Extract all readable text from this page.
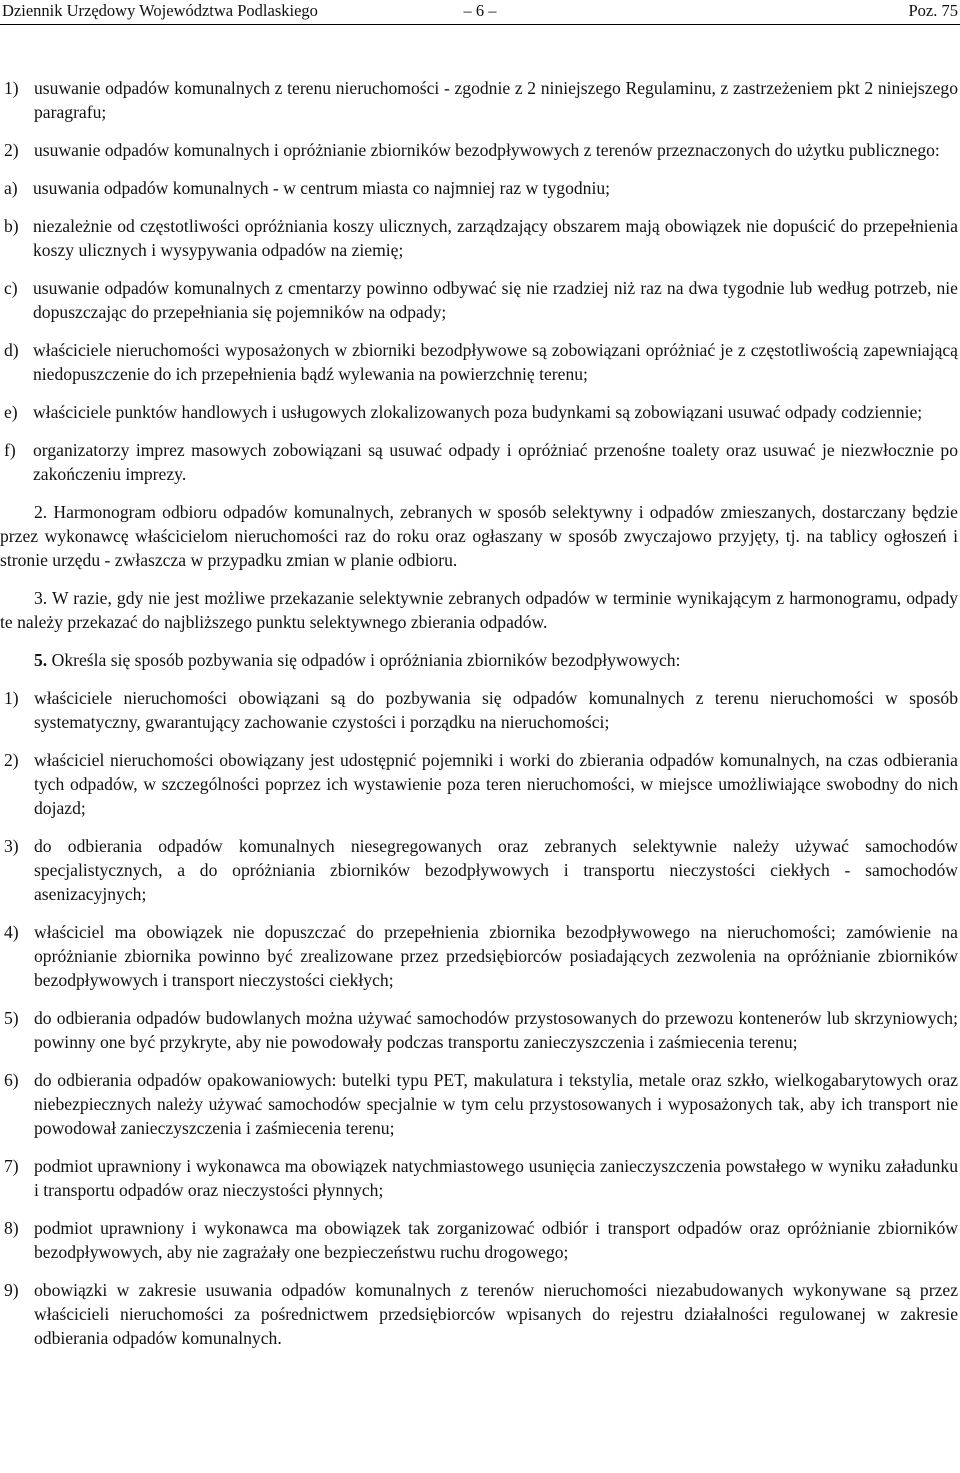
Dziennik Urzędowy Województwa Podlaskiego	– 6 –	Poz. 75
1) usuwanie odpadów komunalnych z terenu nieruchomości - zgodnie z 2 niniejszego Regulaminu, z zastrzeżeniem pkt 2 niniejszego paragrafu;
2) usuwanie odpadów komunalnych i opróżnianie zbiorników bezodpływowych z terenów przeznaczonych do użytku publicznego:
a) usuwania odpadów komunalnych - w centrum miasta co najmniej raz w tygodniu;
b) niezależnie od częstotliwości opróżniania koszy ulicznych, zarządzający obszarem mają obowiązek nie dopuścić do przepełnienia koszy ulicznych i wysypywania odpadów na ziemię;
c) usuwanie odpadów komunalnych z cmentarzy powinno odbywać się nie rzadziej niż raz na dwa tygodnie lub według potrzeb, nie dopuszczając do przepełniania się pojemników na odpady;
d) właściciele nieruchomości wyposażonych w zbiorniki bezodpływowe są zobowiązani opróżniać je z częstotliwością zapewniającą niedopuszczenie do ich przepełnienia bądź wylewania na powierzchnię terenu;
e) właściciele punktów handlowych i usługowych zlokalizowanych poza budynkami są zobowiązani usuwać odpady codziennie;
f) organizatorzy imprez masowych zobowiązani są usuwać odpady i opróżniać przenośne toalety oraz usuwać je niezwłocznie po zakończeniu imprezy.
2. Harmonogram odbioru odpadów komunalnych, zebranych w sposób selektywny i odpadów zmieszanych, dostarczany będzie przez wykonawcę właścicielom nieruchomości raz do roku oraz ogłaszany w sposób zwyczajowo przyjęty, tj. na tablicy ogłoszeń i stronie urzędu - zwłaszcza w przypadku zmian w planie odbioru.
3. W razie, gdy nie jest możliwe przekazanie selektywnie zebranych odpadów w terminie wynikającym z harmonogramu, odpady te należy przekazać do najbliższego punktu selektywnego zbierania odpadów.
5. Określa się sposób pozbywania się odpadów i opróżniania zbiorników bezodpływowych:
1) właściciele nieruchomości obowiązani są do pozbywania się odpadów komunalnych z terenu nieruchomości w sposób systematyczny, gwarantujący zachowanie czystości i porządku na nieruchomości;
2) właściciel nieruchomości obowiązany jest udostępnić pojemniki i worki do zbierania odpadów komunalnych, na czas odbierania tych odpadów, w szczególności poprzez ich wystawienie poza teren nieruchomości, w miejsce umożliwiające swobodny do nich dojazd;
3) do odbierania odpadów komunalnych niesegregowanych oraz zebranych selektywnie należy używać samochodów specjalistycznych, a do opróżniania zbiorników bezodpływowych i transportu nieczystości ciekłych - samochodów asenizacyjnych;
4) właściciel ma obowiązek nie dopuszczać do przepełnienia zbiornika bezodpływowego na nieruchomości; zamówienie na opróżnianie zbiornika powinno być zrealizowane przez przedsiębiorców posiadających zezwolenia na opróżnianie zbiorników bezodpływowych i transport nieczystości ciekłych;
5) do odbierania odpadów budowlanych można używać samochodów przystosowanych do przewozu kontenerów lub skrzyniowych; powinny one być przykryte, aby nie powodowały podczas transportu zanieczyszczenia i zaśmiecenia terenu;
6) do odbierania odpadów opakowaniowych: butelki typu PET, makulatura i tekstylia, metale oraz szkło, wielkogabarytowych oraz niebezpiecznych należy używać samochodów specjalnie w tym celu przystosowanych i wyposażonych tak, aby ich transport nie powodował zanieczyszczenia i zaśmiecenia terenu;
7) podmiot uprawniony i wykonawca ma obowiązek natychmiastowego usunięcia zanieczyszczenia powstałego w wyniku załadunku i transportu odpadów oraz nieczystości płynnych;
8) podmiot uprawniony i wykonawca ma obowiązek tak zorganizować odbiór i transport odpadów oraz opróżnianie zbiorników bezodpływowych, aby nie zagrażały one bezpieczeństwu ruchu drogowego;
9) obowiązki w zakresie usuwania odpadów komunalnych z terenów nieruchomości niezabudowanych wykonywane są przez właścicieli nieruchomości za pośrednictwem przedsiębiorców wpisanych do rejestru działalności regulowanej w zakresie odbierania odpadów komunalnych.
